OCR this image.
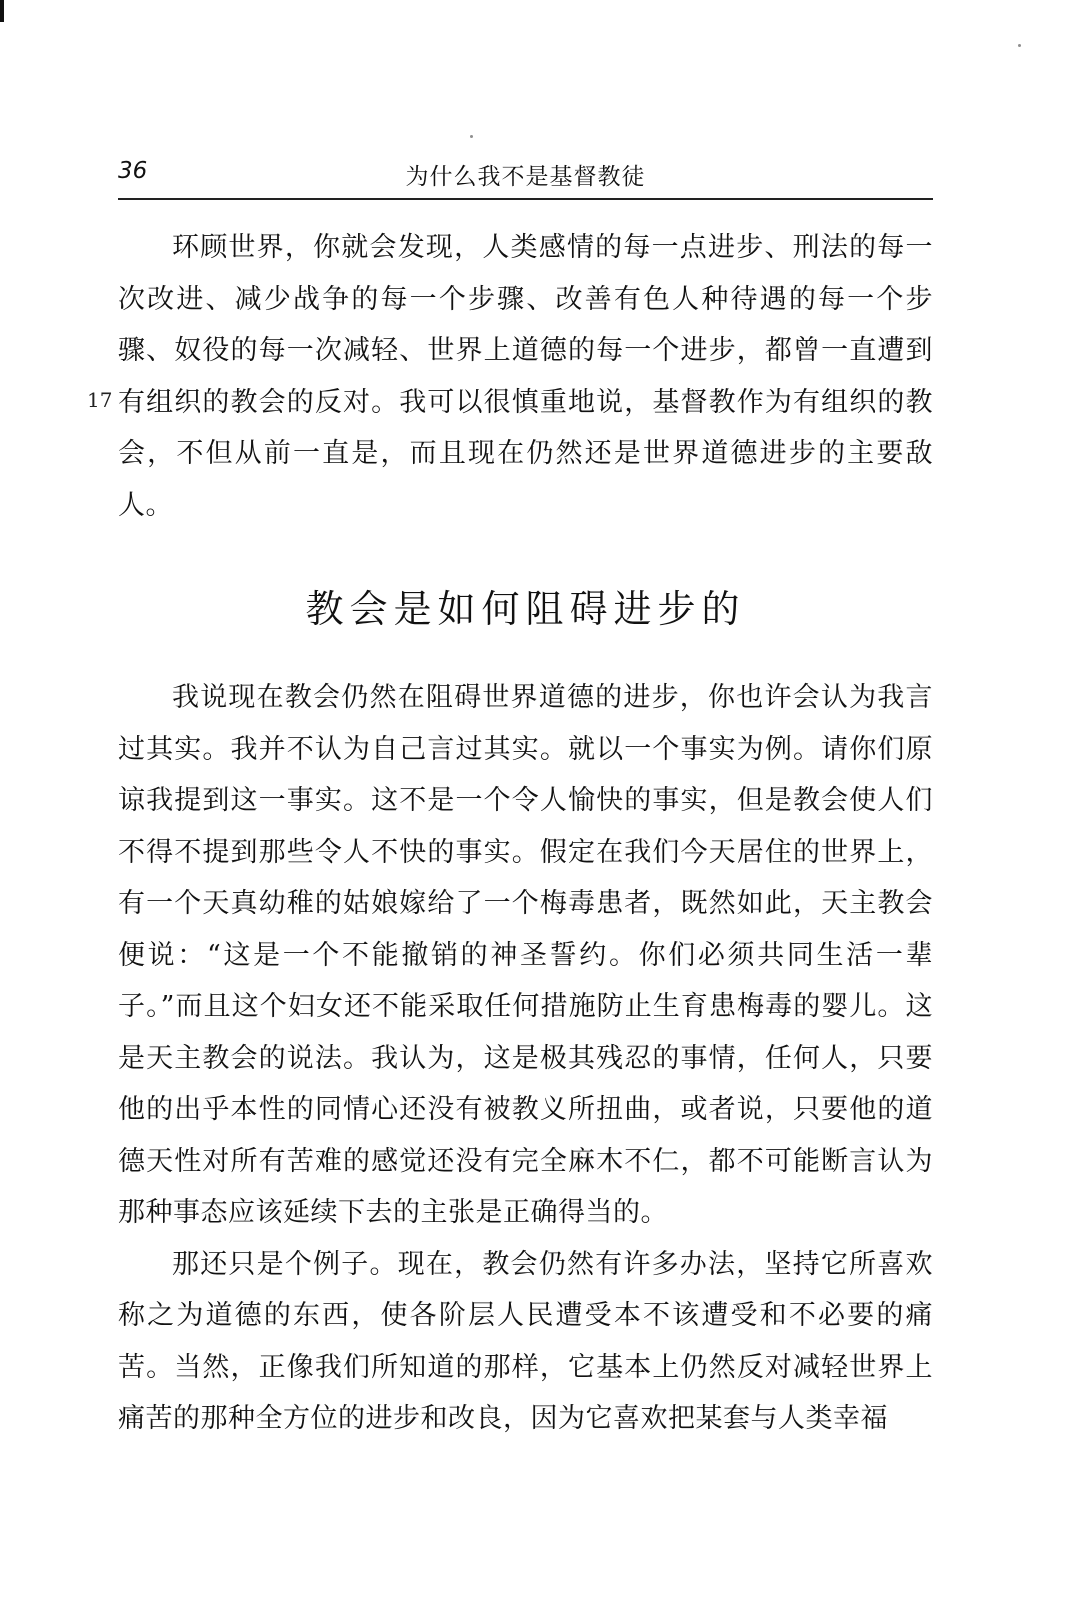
36	为什么我不是基督教徒
17

环顾世界，你就会发现，人类感情的每一点进步、刑法的每一次改进、减少战争的每一个步骤、改善有色人种待遇的每一个步骤、奴役的每一次减轻、世界上道德的每一个进步，都曾一直遭到有组织的教会的反对。我可以很慎重地说，基督教作为有组织的教会，不但从前一直是，而且现在仍然还是世界道德进步的主要敌人。

教会是如何阻碍进步的

我说现在教会仍然在阻碍世界道德的进步，你也许会认为我言过其实。我并不认为自己言过其实。就以一个事实为例。请你们原谅我提到这一事实。这不是一个令人愉快的事实，但是教会使人们不得不提到那些令人不快的事实。假定在我们今天居住的世界上，有一个天真幼稚的姑娘嫁给了一个梅毒患者，既然如此，天主教会便说：“这是一个不能撤销的神圣誓约。你们必须共同生活一辈子。”而且这个妇女还不能采取任何措施防止生育患梅毒的婴儿。这是天主教会的说法。我认为，这是极其残忍的事情，任何人，只要他的出乎本性的同情心还没有被教义所扭曲，或者说，只要他的道德天性对所有苦难的感觉还没有完全麻木不仁，都不可能断言认为那种事态应该延续下去的主张是正确得当的。

那还只是个例子。现在，教会仍然有许多办法，坚持它所喜欢称之为道德的东西，使各阶层人民遭受本不该遭受和不必要的痛苦。当然，正像我们所知道的那样，它基本上仍然反对减轻世界上痛苦的那种全方位的进步和改良，因为它喜欢把某套与人类幸福
